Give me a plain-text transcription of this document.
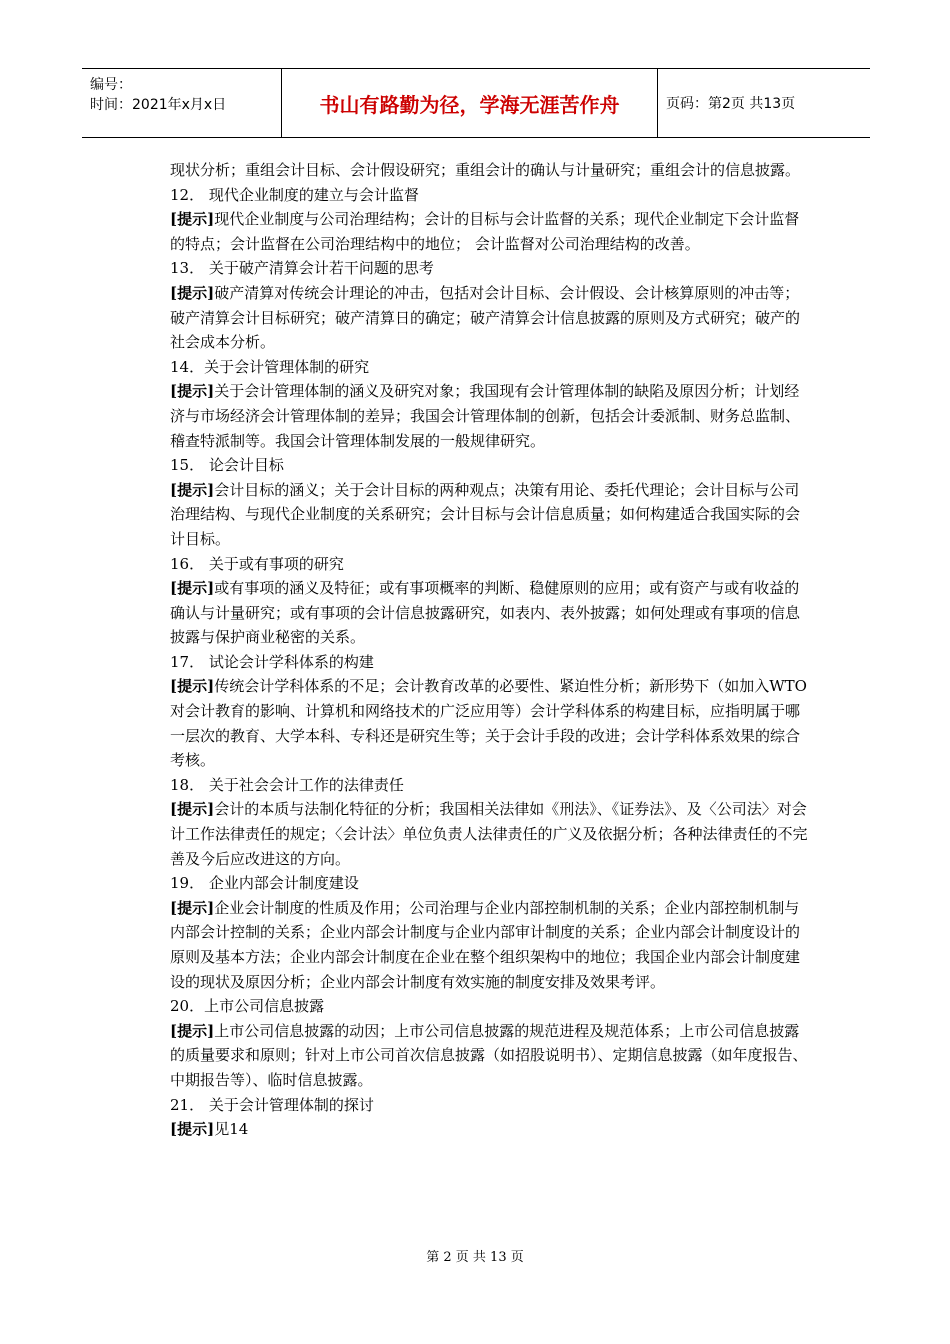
编号：
时间：2021年x月x日	书山有路勤为径，学海无涯苦作舟	页码：第2页 共13页

现状分析；重组会计目标、会计假设研究；重组会计的确认与计量研究；重组会计的信息披露。

12． 现代企业制度的建立与会计监督

[提示]现代企业制度与公司治理结构；会计的目标与会计监督的关系；现代企业制定下会计监督的特点；会计监督在公司治理结构中的地位； 会计监督对公司治理结构的改善。

13． 关于破产清算会计若干问题的思考

[提示]破产清算对传统会计理论的冲击，包括对会计目标、会计假设、会计核算原则的冲击等；破产清算会计目标研究；破产清算日的确定；破产清算会计信息披露的原则及方式研究；破产的社会成本分析。

14．关于会计管理体制的研究

[提示]关于会计管理体制的涵义及研究对象；我国现有会计管理体制的缺陷及原因分析；计划经济与市场经济会计管理体制的差异；我国会计管理体制的创新，包括会计委派制、财务总监制、稽查特派制等。我国会计管理体制发展的一般规律研究。

15． 论会计目标

[提示]会计目标的涵义；关于会计目标的两种观点；决策有用论、委托代理论；会计目标与公司治理结构、与现代企业制度的关系研究；会计目标与会计信息质量；如何构建适合我国实际的会计目标。

16． 关于或有事项的研究

[提示]或有事项的涵义及特征；或有事项概率的判断、稳健原则的应用；或有资产与或有收益的确认与计量研究；或有事项的会计信息披露研究，如表内、表外披露；如何处理或有事项的信息披露与保护商业秘密的关系。

17． 试论会计学科体系的构建

[提示]传统会计学科体系的不足；会计教育改革的必要性、紧迫性分析；新形势下（如加入WTO对会计教育的影响、计算机和网络技术的广泛应用等）会计学科体系的构建目标，应指明属于哪一层次的教育、大学本科、专科还是研究生等；关于会计手段的改进；会计学科体系效果的综合考核。

18． 关于社会会计工作的法律责任

[提示]会计的本质与法制化特征的分析；我国相关法律如《刑法》、《证券法》、及〈公司法〉对会计工作法律责任的规定；〈会计法〉单位负责人法律责任的广义及依据分析；各种法律责任的不完善及今后应改进这的方向。

19． 企业内部会计制度建设

[提示]企业会计制度的性质及作用；公司治理与企业内部控制机制的关系；企业内部控制机制与内部会计控制的关系；企业内部会计制度与企业内部审计制度的关系；企业内部会计制度设计的原则及基本方法；企业内部会计制度在企业在整个组织架构中的地位；我国企业内部会计制度建设的现状及原因分析；企业内部会计制度有效实施的制度安排及效果考评。

20．上市公司信息披露

[提示]上市公司信息披露的动因；上市公司信息披露的规范进程及规范体系；上市公司信息披露的质量要求和原则；针对上市公司首次信息披露（如招股说明书）、定期信息披露（如年度报告、中期报告等）、临时信息披露。

21． 关于会计管理体制的探讨

[提示]见14

第 2 页 共 13 页
